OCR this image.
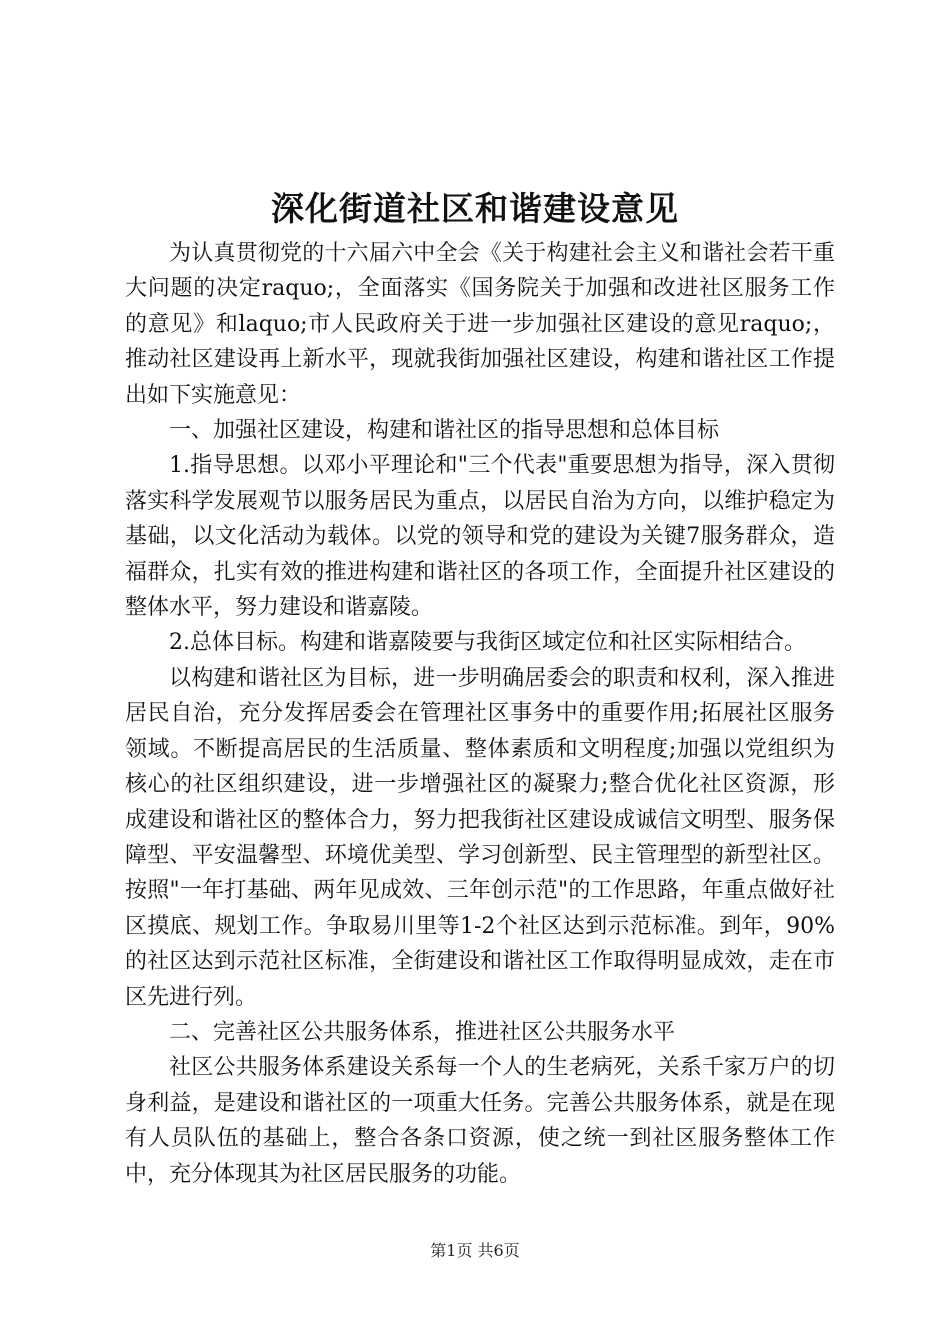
深化街道社区和谐建设意见

为认真贯彻党的十六届六中全会《关于构建社会主义和谐社会若干重大问题的决定raquo;，全面落实《国务院关于加强和改进社区服务工作的意见》和laquo;市人民政府关于进一步加强社区建设的意见raquo;，推动社区建设再上新水平，现就我街加强社区建设，构建和谐社区工作提出如下实施意见：

一、加强社区建设，构建和谐社区的指导思想和总体目标

1.指导思想。以邓小平理论和"三个代表"重要思想为指导，深入贯彻落实科学发展观节以服务居民为重点，以居民自治为方向，以维护稳定为基础，以文化活动为载体。以党的领导和党的建设为关键7服务群众，造福群众，扎实有效的推进构建和谐社区的各项工作，全面提升社区建设的整体水平，努力建设和谐嘉陵。

2.总体目标。构建和谐嘉陵要与我街区域定位和社区实际相结合。

以构建和谐社区为目标，进一步明确居委会的职责和权利，深入推进居民自治，充分发挥居委会在管理社区事务中的重要作用;拓展社区服务领域。不断提高居民的生活质量、整体素质和文明程度;加强以党组织为核心的社区组织建设，进一步增强社区的凝聚力;整合优化社区资源，形成建设和谐社区的整体合力，努力把我街社区建设成诚信文明型、服务保障型、平安温馨型、环境优美型、学习创新型、民主管理型的新型社区。按照"一年打基础、两年见成效、三年创示范"的工作思路，年重点做好社区摸底、规划工作。争取易川里等1-2个社区达到示范标准。到年，90%的社区达到示范社区标准，全街建设和谐社区工作取得明显成效，走在市区先进行列。

二、完善社区公共服务体系，推进社区公共服务水平

社区公共服务体系建设关系每一个人的生老病死，关系千家万户的切身利益，是建设和谐社区的一项重大任务。完善公共服务体系，就是在现有人员队伍的基础上，整合各条口资源，使之统一到社区服务整体工作中，充分体现其为社区居民服务的功能。

第1页 共6页
